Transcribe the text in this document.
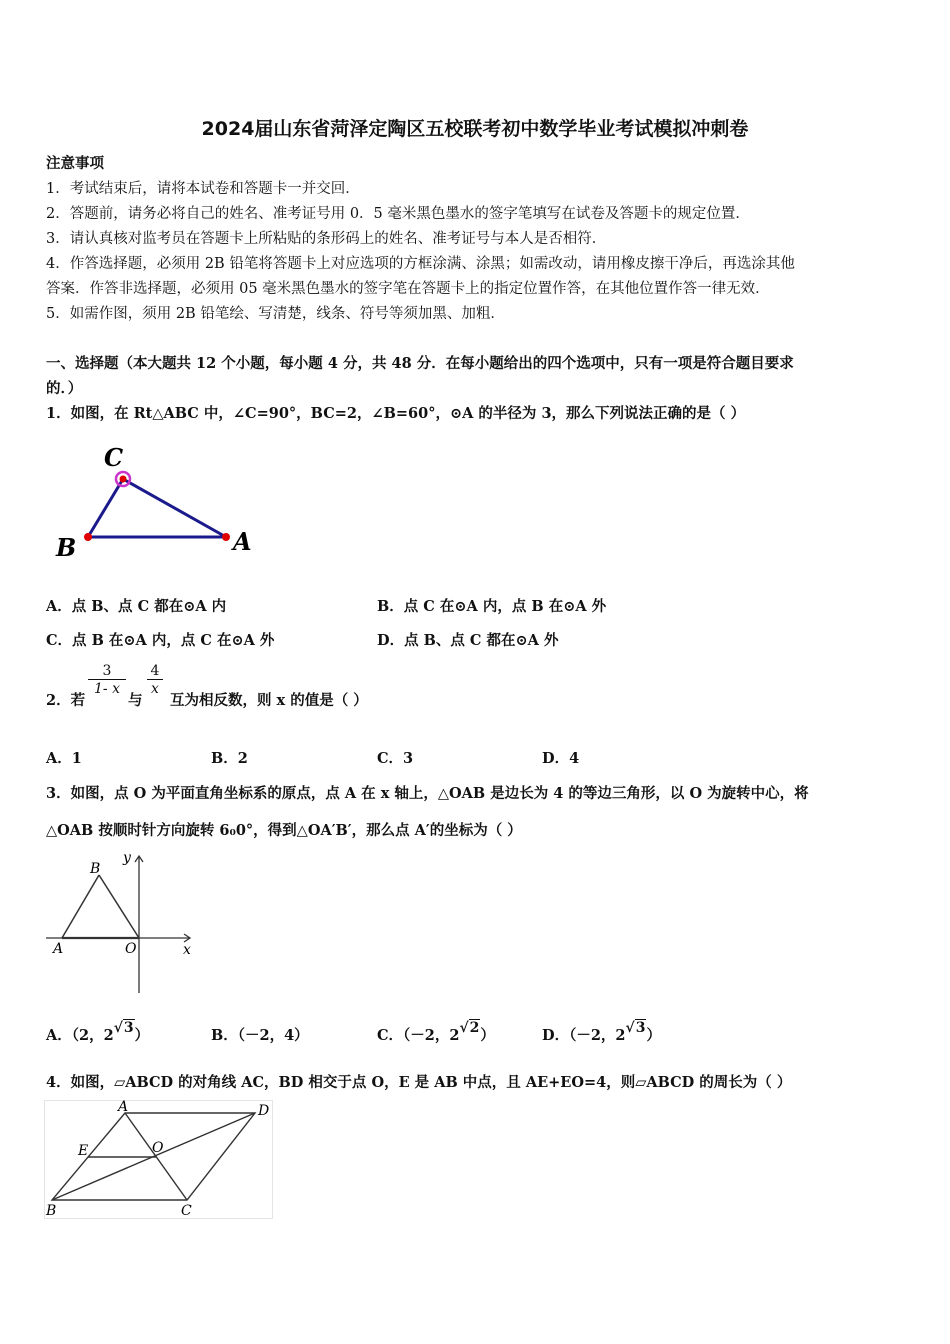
2024届山东省菏泽定陶区五校联考初中数学毕业考试模拟冲刺卷
注意事项
1．考试结束后，请将本试卷和答题卡一并交回．
2．答题前，请务必将自己的姓名、准考证号用 0．5 毫米黑色墨水的签字笔填写在试卷及答题卡的规定位置．
3．请认真核对监考员在答题卡上所粘贴的条形码上的姓名、准考证号与本人是否相符．
4．作答选择题，必须用 2B 铅笔将答题卡上对应选项的方框涂满、涂黑；如需改动，请用橡皮擦干净后，再选涂其他
答案．作答非选择题，必须用 05 毫米黑色墨水的签字笔在答题卡上的指定位置作答，在其他位置作答一律无效．
5．如需作图，须用 2B 铅笔绘、写清楚，线条、符号等须加黑、加粗．
一、选择题（本大题共 12 个小题，每小题 4 分，共 48 分．在每小题给出的四个选项中，只有一项是符合题目要求
的．）
1．如图，在 Rt△ABC 中，∠C=90°，BC=2，∠B=60°，⊙A 的半径为 3，那么下列说法正确的是（ ）
C
B	A
A．点 B、点 C 都在⊙A 内	B．点 C 在⊙A 内，点 B 在⊙A 外
C．点 B 在⊙A 内，点 C 在⊙A 外	D．点 B、点 C 都在⊙A 外
2．若
$\frac{3}{1- x}$
与
$\frac{4}{x}$
互为相反数，则 x 的值是（ ）
A．1	B．2	C．3	D．4
3．如图，点 O 为平面直角坐标系的原点，点 A 在 x 轴上，△OAB 是边长为 4 的等边三角形，以 O 为旋转中心，将
△OAB 按顺时针方向旋转 6₀0°，得到△OA′B′，那么点 A′的坐标为（ ）
B
y
A	O	x
A．（2，2√3）	B．（－2，4）	C．（－2，2√2）	D．（－2，2√3）
4．如图，▱ABCD 的对角线 AC，BD 相交于点 O，E 是 AB 中点，且 AE+EO=4，则▱ABCD 的周长为（ ）
A	D
E	O
B	C
